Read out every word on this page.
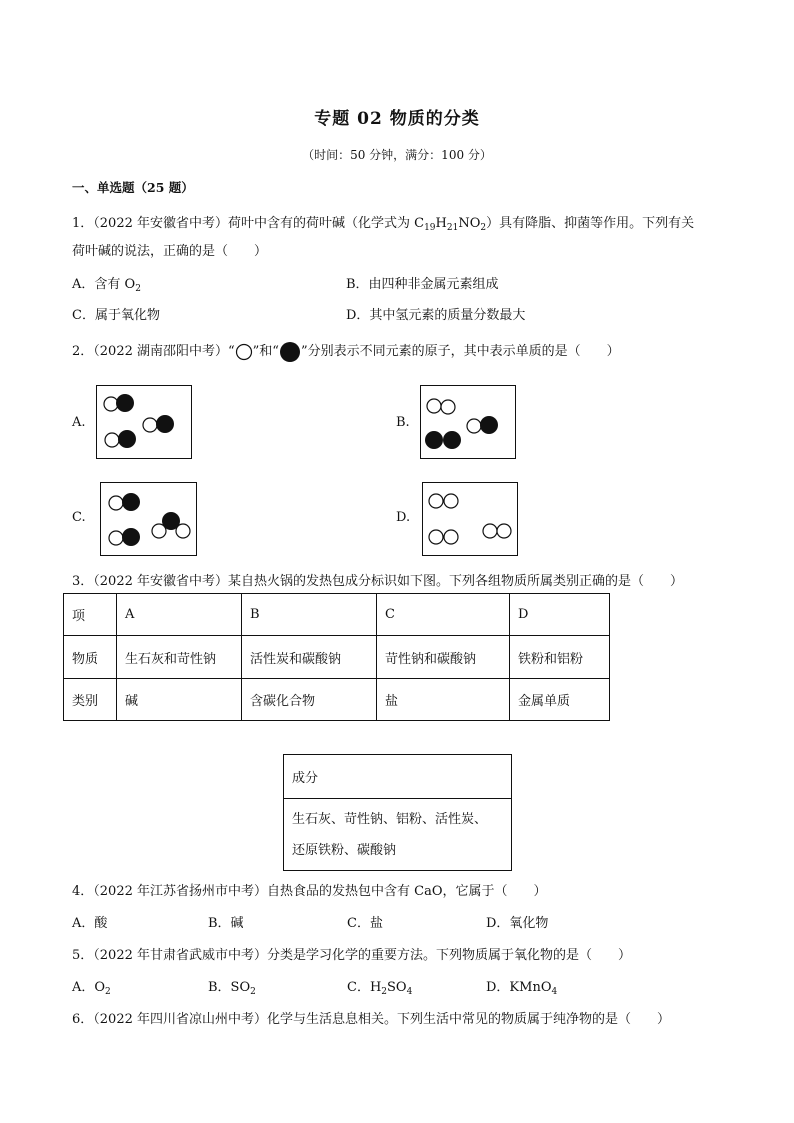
专题 02 物质的分类
（时间：50 分钟，满分：100 分）
一、单选题（25 题）
1．（2022 年安徽省中考）荷叶中含有的荷叶碱（化学式为 $C_{19}H_{21}NO_2$）具有降脂、抑菌等作用。下列有关
荷叶碱的说法，正确的是（　　）
A．含有 $O_2$	B．由四种非金属元素组成
C．属于氧化物	D．其中氢元素的质量分数最大
2．（2022 湖南邵阳中考）“ ”和“ ”分别表示不同元素的原子，其中表示单质的是（　　）
A.	B.
C.	D.
3．（2022 年安徽省中考）某自热火锅的发热包成分标识如下图。下列各组物质所属类别正确的是（　　）
项	A	B	C	D
物质	生石灰和苛性钠	活性炭和碳酸钠	苛性钠和碳酸钠	铁粉和铝粉
类别	碱	含碳化合物	盐	金属单质
成分

生石灰、苛性钠、铝粉、活性炭、
还原铁粉、碳酸钠
4．（2022 年江苏省扬州市中考）自热食品的发热包中含有 CaO，它属于（　　）
A．酸	B．碱	C．盐	D．氧化物
5．（2022 年甘肃省武威市中考）分类是学习化学的重要方法。下列物质属于氧化物的是（　　）
A．$O_2$	B．$SO_2$	C．$H_2SO_4$	D．KMnO$_4$
6．（2022 年四川省凉山州中考）化学与生活息息相关。下列生活中常见的物质属于纯净物的是（　　）
